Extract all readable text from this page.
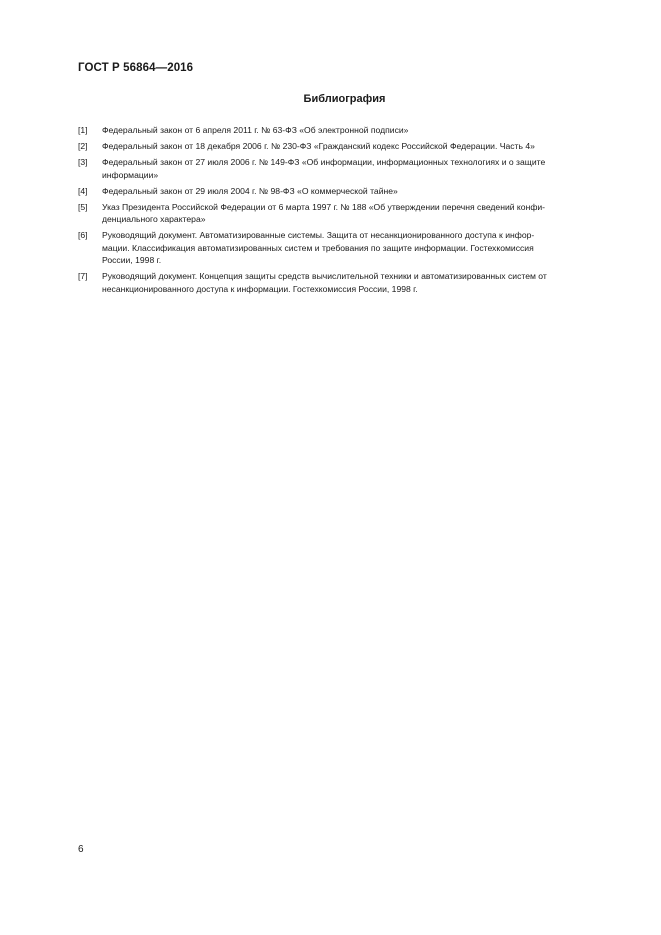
ГОСТ Р 56864—2016
Библиография
[1]	Федеральный закон от 6 апреля 2011 г. № 63-ФЗ «Об электронной подписи»
[2]	Федеральный закон от 18 декабря 2006 г. № 230-ФЗ «Гражданский кодекс Российской Федерации. Часть 4»
[3]	Федеральный закон от 27 июля 2006 г. № 149-ФЗ «Об информации, информационных технологиях и о защите
информации»
[4]	Федеральный закон от 29 июля 2004 г. № 98-ФЗ «О коммерческой тайне»
[5]	Указ Президента Российской Федерации от 6 марта 1997 г. № 188 «Об утверждении перечня сведений конфи-
денциального характера»
[6]	Руководящий документ. Автоматизированные системы. Защита от несанкционированного доступа к инфор-
мации. Классификация автоматизированных систем и требования по защите информации. Гостехкомиссия
России, 1998 г.
[7]	Руководящий документ. Концепция защиты средств вычислительной техники и автоматизированных систем от
несанкционированного доступа к информации. Гостехкомиссия России, 1998 г.
6
